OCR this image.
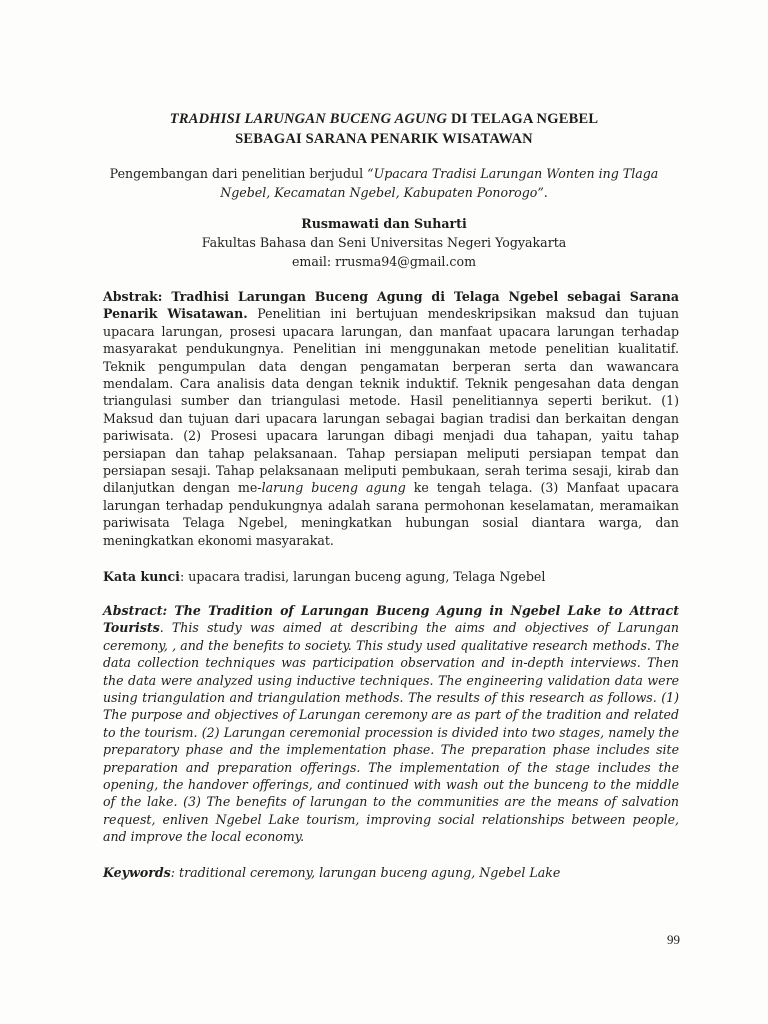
TRADHISI LARUNGAN BUCENG AGUNG DI TELAGA NGEBEL
SEBAGAI SARANA PENARIK WISATAWAN
Pengembangan dari penelitian berjudul “Upacara Tradisi Larungan Wonten ing Tlaga Ngebel, Kecamatan Ngebel, Kabupaten Ponorogo”.
Rusmawati dan Suharti
Fakultas Bahasa dan Seni Universitas Negeri Yogyakarta
email: rrusma94@gmail.com
Abstrak: Tradhisi Larungan Buceng Agung di Telaga Ngebel sebagai Sarana Penarik Wisatawan. Penelitian ini bertujuan mendeskripsikan maksud dan tujuan upacara larungan, prosesi upacara larungan, dan manfaat upacara larungan terhadap masyarakat pendukungnya. Penelitian ini menggunakan metode penelitian kualitatif. Teknik pengumpulan data dengan pengamatan berperan serta dan wawancara mendalam. Cara analisis data dengan teknik induktif. Teknik pengesahan data dengan triangulasi sumber dan triangulasi metode. Hasil penelitiannya seperti berikut. (1) Maksud dan tujuan dari upacara larungan sebagai bagian tradisi dan berkaitan dengan pariwisata. (2) Prosesi upacara larungan dibagi menjadi dua tahapan, yaitu tahap persiapan dan tahap pelaksanaan. Tahap persiapan meliputi persiapan tempat dan persiapan sesaji. Tahap pelaksanaan meliputi pembukaan, serah terima sesaji, kirab dan dilanjutkan dengan me-larung buceng agung ke tengah telaga. (3) Manfaat upacara larungan terhadap pendukungnya adalah sarana permohonan keselamatan, meramaikan pariwisata Telaga Ngebel, meningkatkan hubungan sosial diantara warga, dan meningkatkan ekonomi masyarakat.
Kata kunci: upacara tradisi, larungan buceng agung, Telaga Ngebel
Abstract: The Tradition of Larungan Buceng Agung in Ngebel Lake to Attract Tourists. This study was aimed at describing the aims and objectives of Larungan ceremony, , and the benefits to society. This study used qualitative research methods. The data collection techniques was participation observation and in-depth interviews. Then the data were analyzed using inductive techniques. The engineering validation data were using triangulation and triangulation methods. The results of this research as follows. (1) The purpose and objectives of Larungan ceremony are as part of the tradition and related to the tourism. (2) Larungan ceremonial procession is divided into two stages, namely the preparatory phase and the implementation phase. The preparation phase includes site preparation and preparation offerings. The implementation of the stage includes the opening, the handover offerings, and continued with wash out the bunceng to the middle of the lake. (3) The benefits of larungan to the communities are the means of salvation request, enliven Ngebel Lake tourism, improving social relationships between people, and improve the local economy.
Keywords: traditional ceremony, larungan buceng agung, Ngebel Lake
99
